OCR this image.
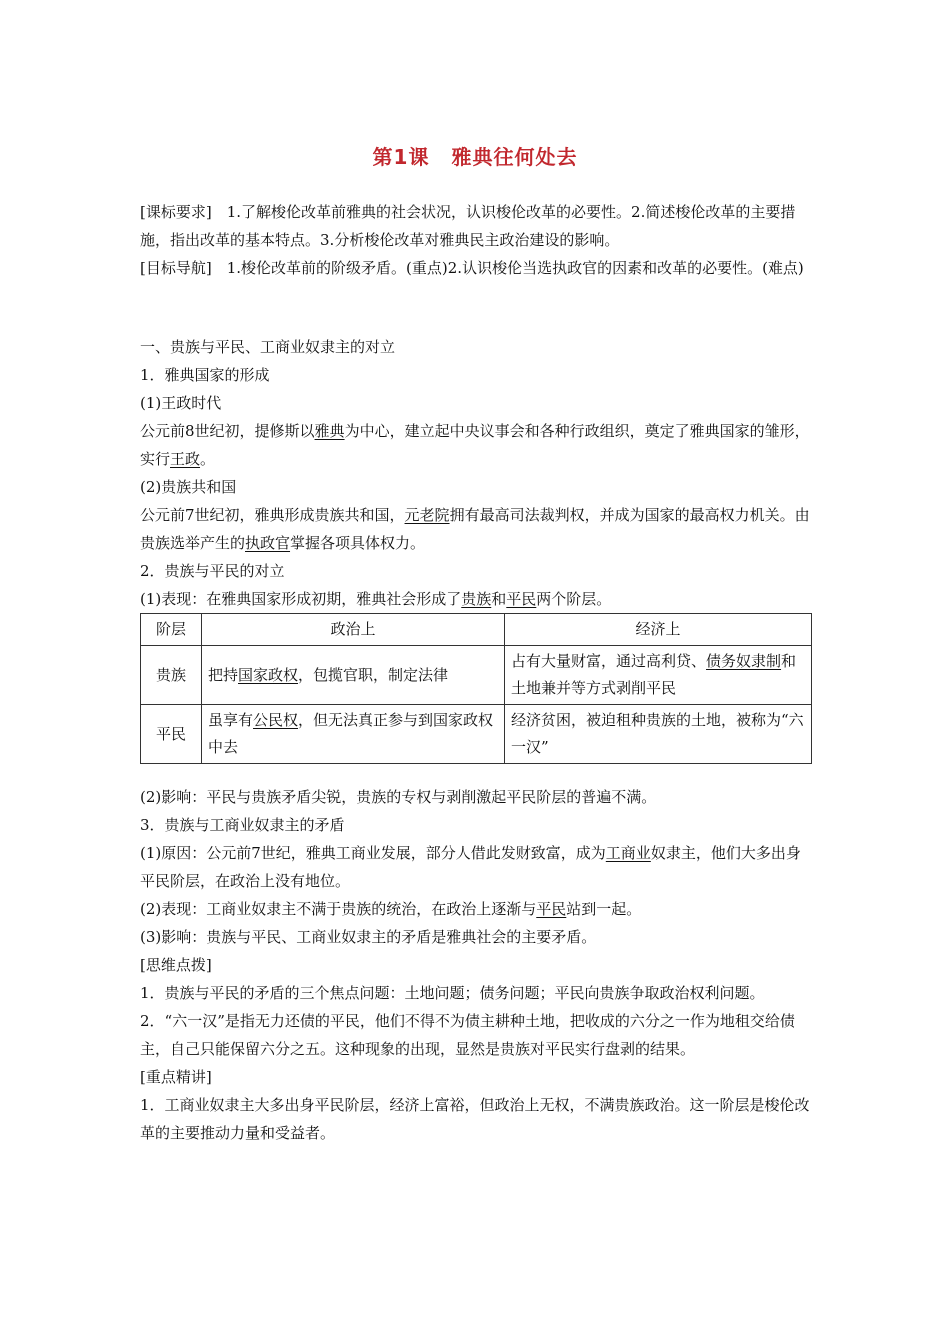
第1课 雅典往何处去
[课标要求]　 1.了解梭伦改革前雅典的社会状况，认识梭伦改革的必要性。2.简述梭伦改革的主要措施，指出改革的基本特点。3.分析梭伦改革对雅典民主政治建设的影响。
[目标导航]　 1.梭伦改革前的阶级矛盾。(重点)2.认识梭伦当选执政官的因素和改革的必要性。(难点)
一、贵族与平民、工商业奴隶主的对立
1．雅典国家的形成
(1)王政时代
公元前8世纪初，提修斯以雅典为中心，建立起中央议事会和各种行政组织，奠定了雅典国家的雏形，实行王政。
(2)贵族共和国
公元前7世纪初，雅典形成贵族共和国，元老院拥有最高司法裁判权，并成为国家的最高权力机关。由贵族选举产生的执政官掌握各项具体权力。
2．贵族与平民的对立
(1)表现：在雅典国家形成初期，雅典社会形成了贵族和平民两个阶层。
阶层	政治上	经济上
贵族	把持国家政权，包揽官职，制定法律	占有大量财富，通过高利贷、债务奴隶制和土地兼并等方式剥削平民
平民	虽享有公民权，但无法真正参与到国家政权中去	经济贫困，被迫租种贵族的土地，被称为“六一汉”
(2)影响：平民与贵族矛盾尖锐，贵族的专权与剥削激起平民阶层的普遍不满。
3．贵族与工商业奴隶主的矛盾
(1)原因：公元前7世纪，雅典工商业发展，部分人借此发财致富，成为工商业奴隶主，他们大多出身平民阶层，在政治上没有地位。
(2)表现：工商业奴隶主不满于贵族的统治，在政治上逐渐与平民站到一起。
(3)影响：贵族与平民、工商业奴隶主的矛盾是雅典社会的主要矛盾。
[思维点拨]
1．贵族与平民的矛盾的三个焦点问题：土地问题；债务问题；平民向贵族争取政治权利问题。
2．“六一汉”是指无力还债的平民，他们不得不为债主耕种土地，把收成的六分之一作为地租交给债主，自己只能保留六分之五。这种现象的出现，显然是贵族对平民实行盘剥的结果。
[重点精讲]
1．工商业奴隶主大多出身平民阶层，经济上富裕，但政治上无权，不满贵族政治。这一阶层是梭伦改革的主要推动力量和受益者。
